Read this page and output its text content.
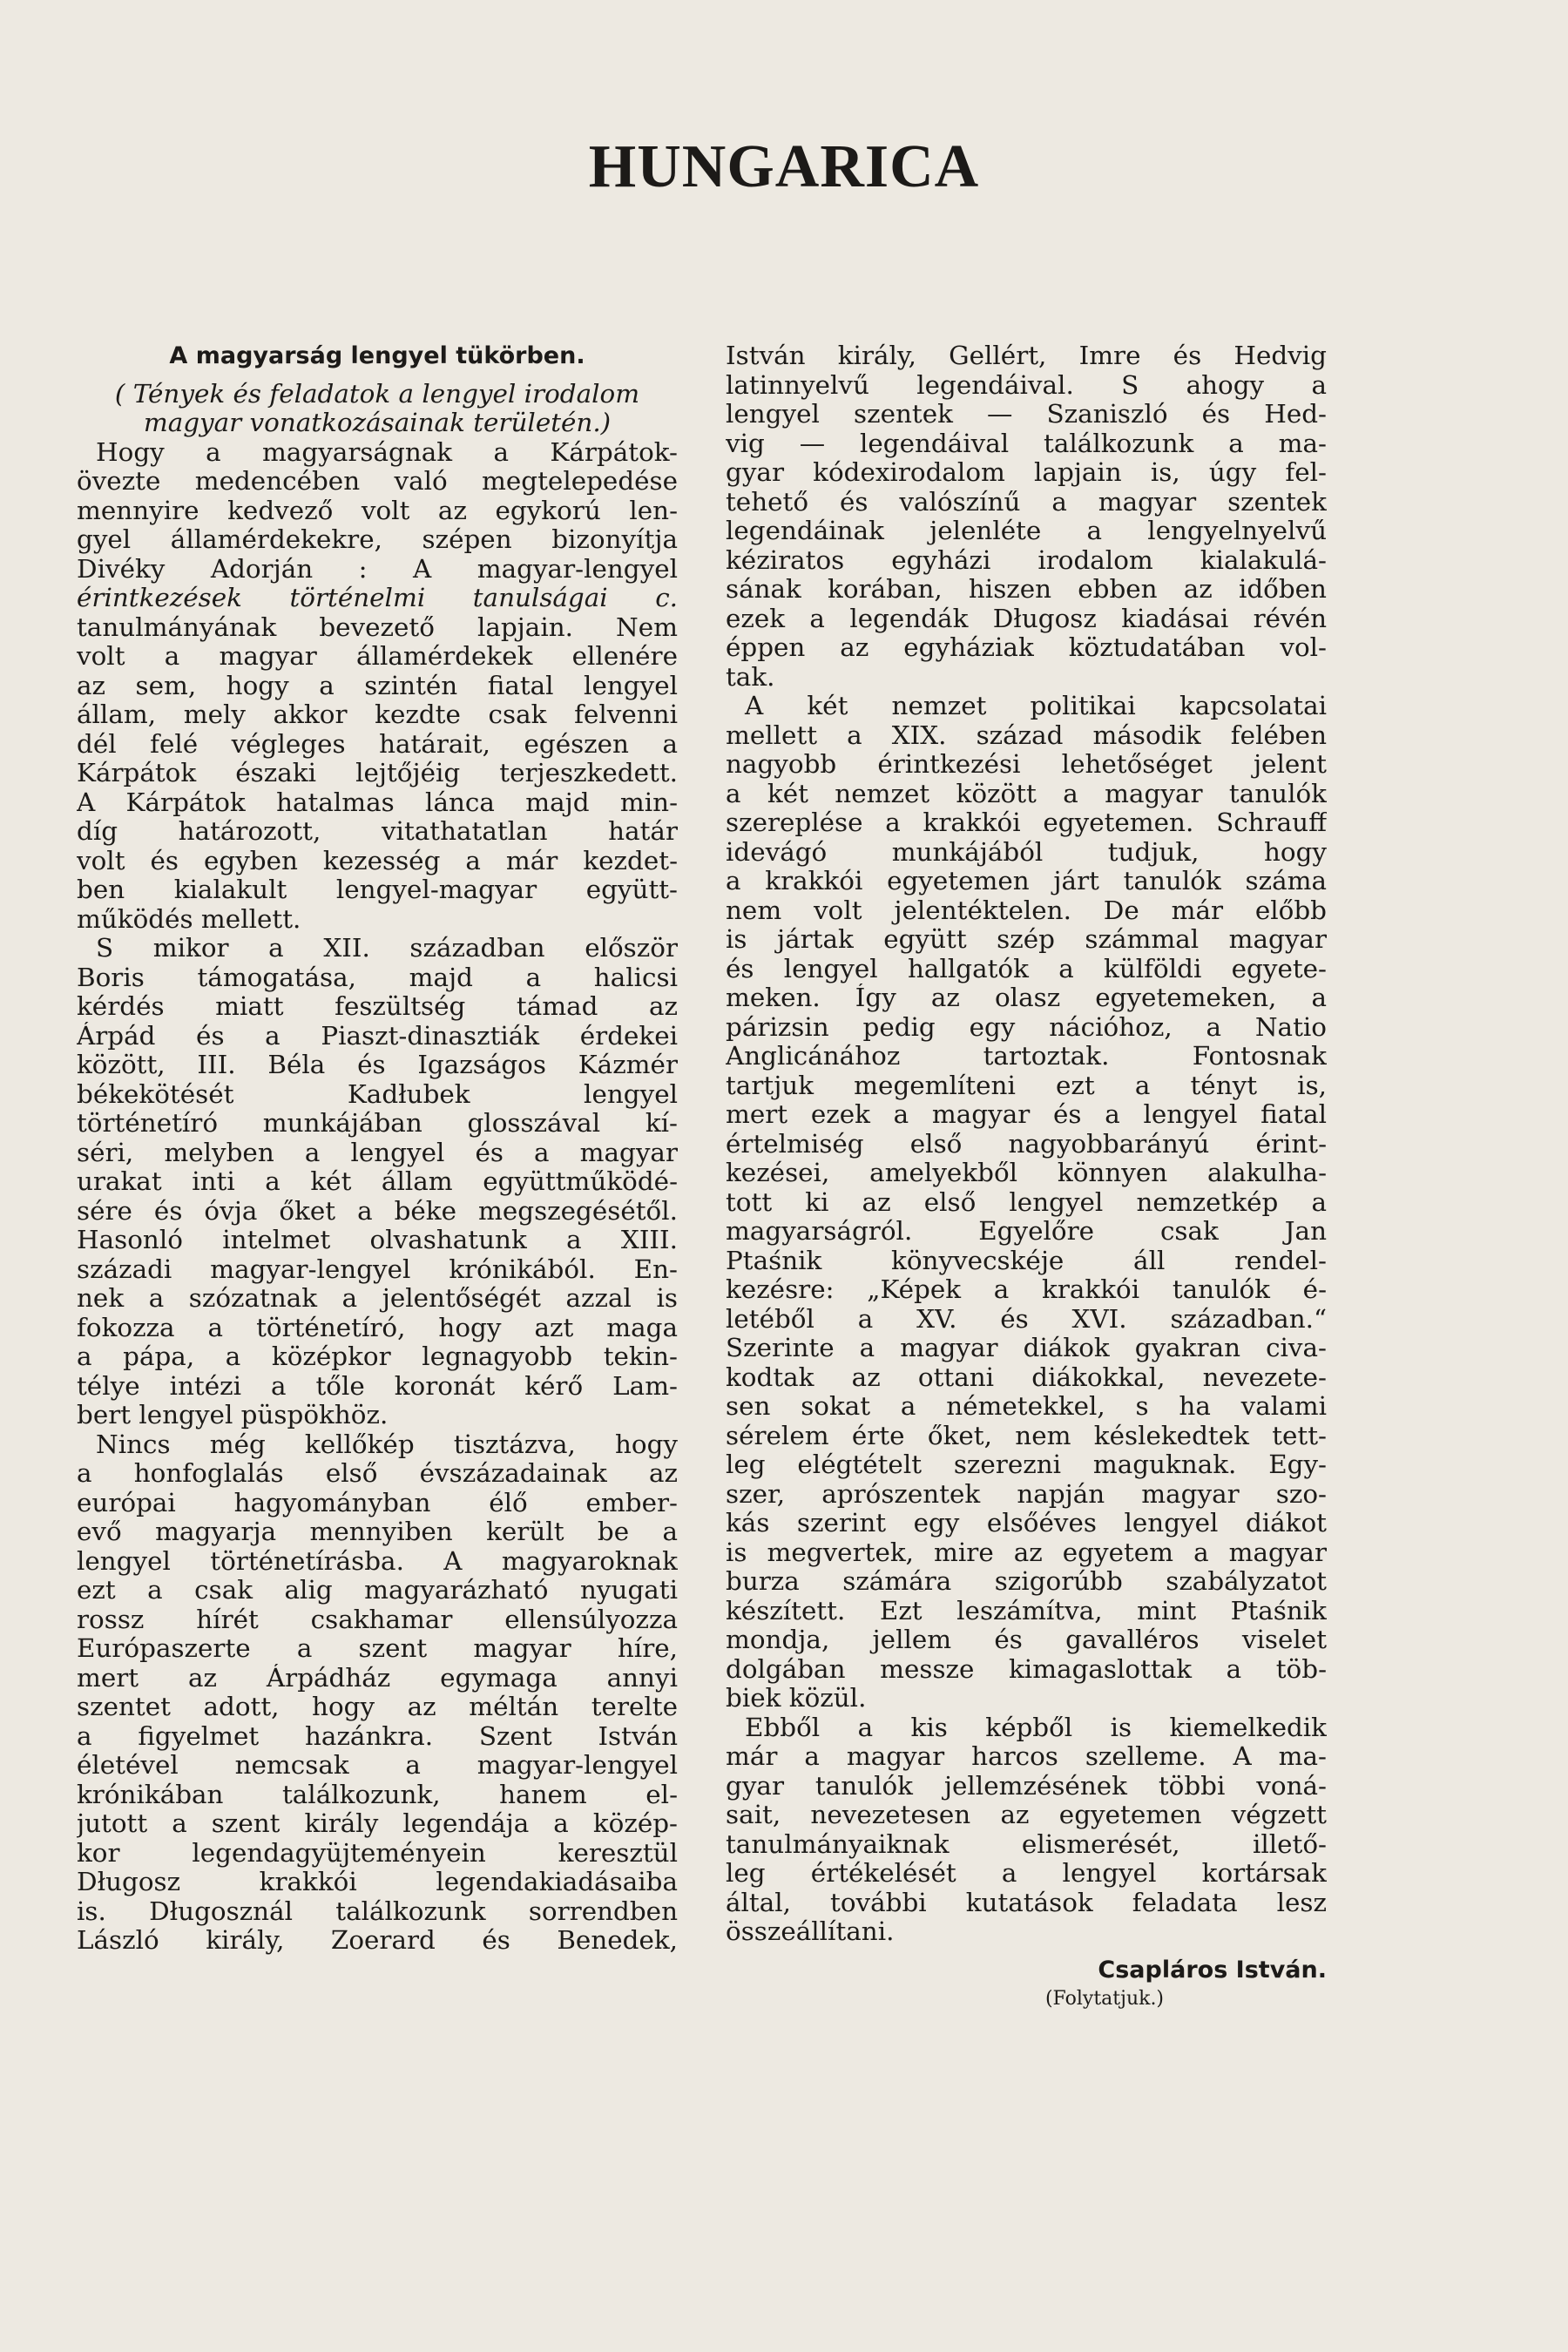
HUNGARICA
A magyarság lengyel tükörben.
( Tények és feladatok a lengyel irodalom
magyar vonatkozásainak területén.)
Hogy a magyarságnak a Kárpátok-
övezte medencében való megtelepedése
mennyire kedvező volt az egykorú len-
gyel államérdekekre, szépen bizonyítja
Divéky Adorján : A magyar-lengyel
érintkezések történelmi tanulságai c.
tanulmányának bevezető lapjain. Nem
volt a magyar államérdekek ellenére
az sem, hogy a szintén fiatal lengyel
állam, mely akkor kezdte csak felvenni
dél felé végleges határait, egészen a
Kárpátok északi lejtőjéig terjeszkedett.
A Kárpátok hatalmas lánca majd min-
díg határozott, vitathatatlan határ
volt és egyben kezesség a már kezdet-
ben kialakult lengyel-magyar együtt-
működés mellett.
S mikor a XII. században először
Boris támogatása, majd a halicsi
kérdés miatt feszültség támad az
Árpád és a Piaszt-dinasztiák érdekei
között, III. Béla és Igazságos Kázmér
békekötését Kadłubek lengyel
történetíró munkájában glosszával kí-
séri, melyben a lengyel és a magyar
urakat inti a két állam együttműködé-
sére és óvja őket a béke megszegésétől.
Hasonló intelmet olvashatunk a XIII.
századi magyar-lengyel krónikából. En-
nek a szózatnak a jelentőségét azzal is
fokozza a történetíró, hogy azt maga
a pápa, a középkor legnagyobb tekin-
télye intézi a tőle koronát kérő Lam-
bert lengyel püspökhöz.
Nincs még kellőkép tisztázva, hogy
a honfoglalás első évszázadainak az
európai hagyományban élő ember-
evő magyarja mennyiben került be a
lengyel történetírásba. A magyaroknak
ezt a csak alig magyarázható nyugati
rossz hírét csakhamar ellensúlyozza
Európaszerte a szent magyar híre,
mert az Árpádház egymaga annyi
szentet adott, hogy az méltán terelte
a figyelmet hazánkra. Szent István
életével nemcsak a magyar-lengyel
krónikában találkozunk, hanem el-
jutott a szent király legendája a közép-
kor legendagyüjteményein keresztül
Długosz krakkói legendakiadásaiba
is. Długosznál találkozunk sorrendben
László király, Zoerard és Benedek,
István király, Gellért, Imre és Hedvig
latinnyelvű legendáival. S ahogy a
lengyel szentek — Szaniszló és Hed-
vig — legendáival találkozunk a ma-
gyar kódexirodalom lapjain is, úgy fel-
tehető és valószínű a magyar szentek
legendáinak jelenléte a lengyelnyelvű
kéziratos egyházi irodalom kialakulá-
sának korában, hiszen ebben az időben
ezek a legendák Długosz kiadásai révén
éppen az egyháziak köztudatában vol-
tak.
A két nemzet politikai kapcsolatai
mellett a XIX. század második felében
nagyobb érintkezési lehetőséget jelent
a két nemzet között a magyar tanulók
szereplése a krakkói egyetemen. Schrauff
idevágó munkájából tudjuk, hogy
a krakkói egyetemen járt tanulók száma
nem volt jelentéktelen. De már előbb
is jártak együtt szép számmal magyar
és lengyel hallgatók a külföldi egyete-
meken. Így az olasz egyetemeken, a
párizsin pedig egy nációhoz, a Natio
Anglicánához tartoztak. Fontosnak
tartjuk megemlíteni ezt a tényt is,
mert ezek a magyar és a lengyel fiatal
értelmiség első nagyobbarányú érint-
kezései, amelyekből könnyen alakulha-
tott ki az első lengyel nemzetkép a
magyarságról. Egyelőre csak Jan
Ptaśnik könyvecskéje áll rendel-
kezésre: „Képek a krakkói tanulók é-
letéből a XV. és XVI. században.“
Szerinte a magyar diákok gyakran civa-
kodtak az ottani diákokkal, nevezete-
sen sokat a németekkel, s ha valami
sérelem érte őket, nem késlekedtek tett-
leg elégtételt szerezni maguknak. Egy-
szer, aprószentek napján magyar szo-
kás szerint egy elsőéves lengyel diákot
is megvertek, mire az egyetem a magyar
burza számára szigorúbb szabályzatot
készített. Ezt leszámítva, mint Ptaśnik
mondja, jellem és gavalléros viselet
dolgában messze kimagaslottak a töb-
biek közül.
Ebből a kis képből is kiemelkedik
már a magyar harcos szelleme. A ma-
gyar tanulók jellemzésének többi voná-
sait, nevezetesen az egyetemen végzett
tanulmányaiknak elismerését, illető-
leg értékelését a lengyel kortársak
által, további kutatások feladata lesz
összeállítani.
Csapláros István.
(Folytatjuk.)
